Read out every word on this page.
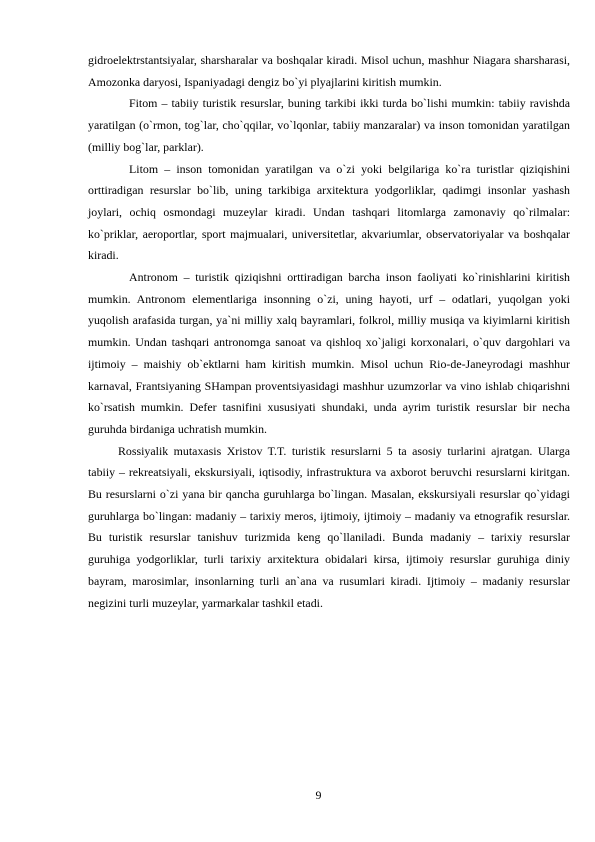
gidroelektrstantsiyalar, sharsharalar va boshqalar kiradi. Misol uchun, mashhur Niagara sharsharasi, Amozonka daryosi, Ispaniyadagi dengiz bo`yi plyajlarini kiritish mumkin.

Fitom – tabiiy turistik resurslar, buning tarkibi ikki turda bo`lishi mumkin: tabiiy ravishda yaratilgan (o`rmon, tog`lar, cho`qqilar, vo`lqonlar, tabiiy manzaralar) va inson tomonidan yaratilgan (milliy bog`lar, parklar).

Litom – inson tomonidan yaratilgan va o`zi yoki belgilariga ko`ra turistlar qiziqishini orttiradigan resurslar bo`lib, uning tarkibiga arxitektura yodgorliklar, qadimgi insonlar yashash joylari, ochiq osmondagi muzeylar kiradi. Undan tashqari litomlarga zamonaviy qo`rilmalar: ko`priklar, aeroportlar, sport majmualari, universitetlar, akvariumlar, observatoriyalar va boshqalar kiradi.

Antronom – turistik qiziqishni orttiradigan barcha inson faoliyati ko`rinishlarini kiritish mumkin. Antronom elementlariga insonning o`zi, uning hayoti, urf – odatlari, yuqolgan yoki yuqolish arafasida turgan, ya`ni milliy xalq bayramlari, folkrol, milliy musiqa va kiyimlarni kiritish mumkin. Undan tashqari antronomga sanoat va qishloq xo`jaligi korxonalari, o`quv dargohlari va ijtimoiy – maishiy ob`ektlarni ham kiritish mumkin. Misol uchun Rio-de-Janeyrodagi mashhur karnaval, Frantsiyaning SHampan proventsiyasidagi mashhur uzumzorlar va vino ishlab chiqarishni ko`rsatish mumkin. Defer tasnifini xususiyati shundaki, unda ayrim turistik resurslar bir necha guruhda birdaniga uchratish mumkin.

Rossiyalik mutaxasis Xristov T.T. turistik resurslarni 5 ta asosiy turlarini ajratgan. Ularga tabiiy – rekreatsiyali, ekskursiyali, iqtisodiy, infrastruktura va axborot beruvchi resurslarni kiritgan. Bu resurslarni o`zi yana bir qancha guruhlarga bo`lingan. Masalan, ekskursiyali resurslar qo`yidagi guruhlarga bo`lingan: madaniy – tarixiy meros, ijtimoiy, ijtimoiy – madaniy va etnografik resurslar. Bu turistik resurslar tanishuv turizmida keng qo`llaniladi. Bunda madaniy – tarixiy resurslar guruhiga yodgorliklar, turli tarixiy arxitektura obidalari kirsa, ijtimoiy resurslar guruhiga diniy bayram, marosimlar, insonlarning turli an`ana va rusumlari kiradi. Ijtimoiy – madaniy resurslar negizini turli muzeylar, yarmarkalar tashkil etadi.

9
